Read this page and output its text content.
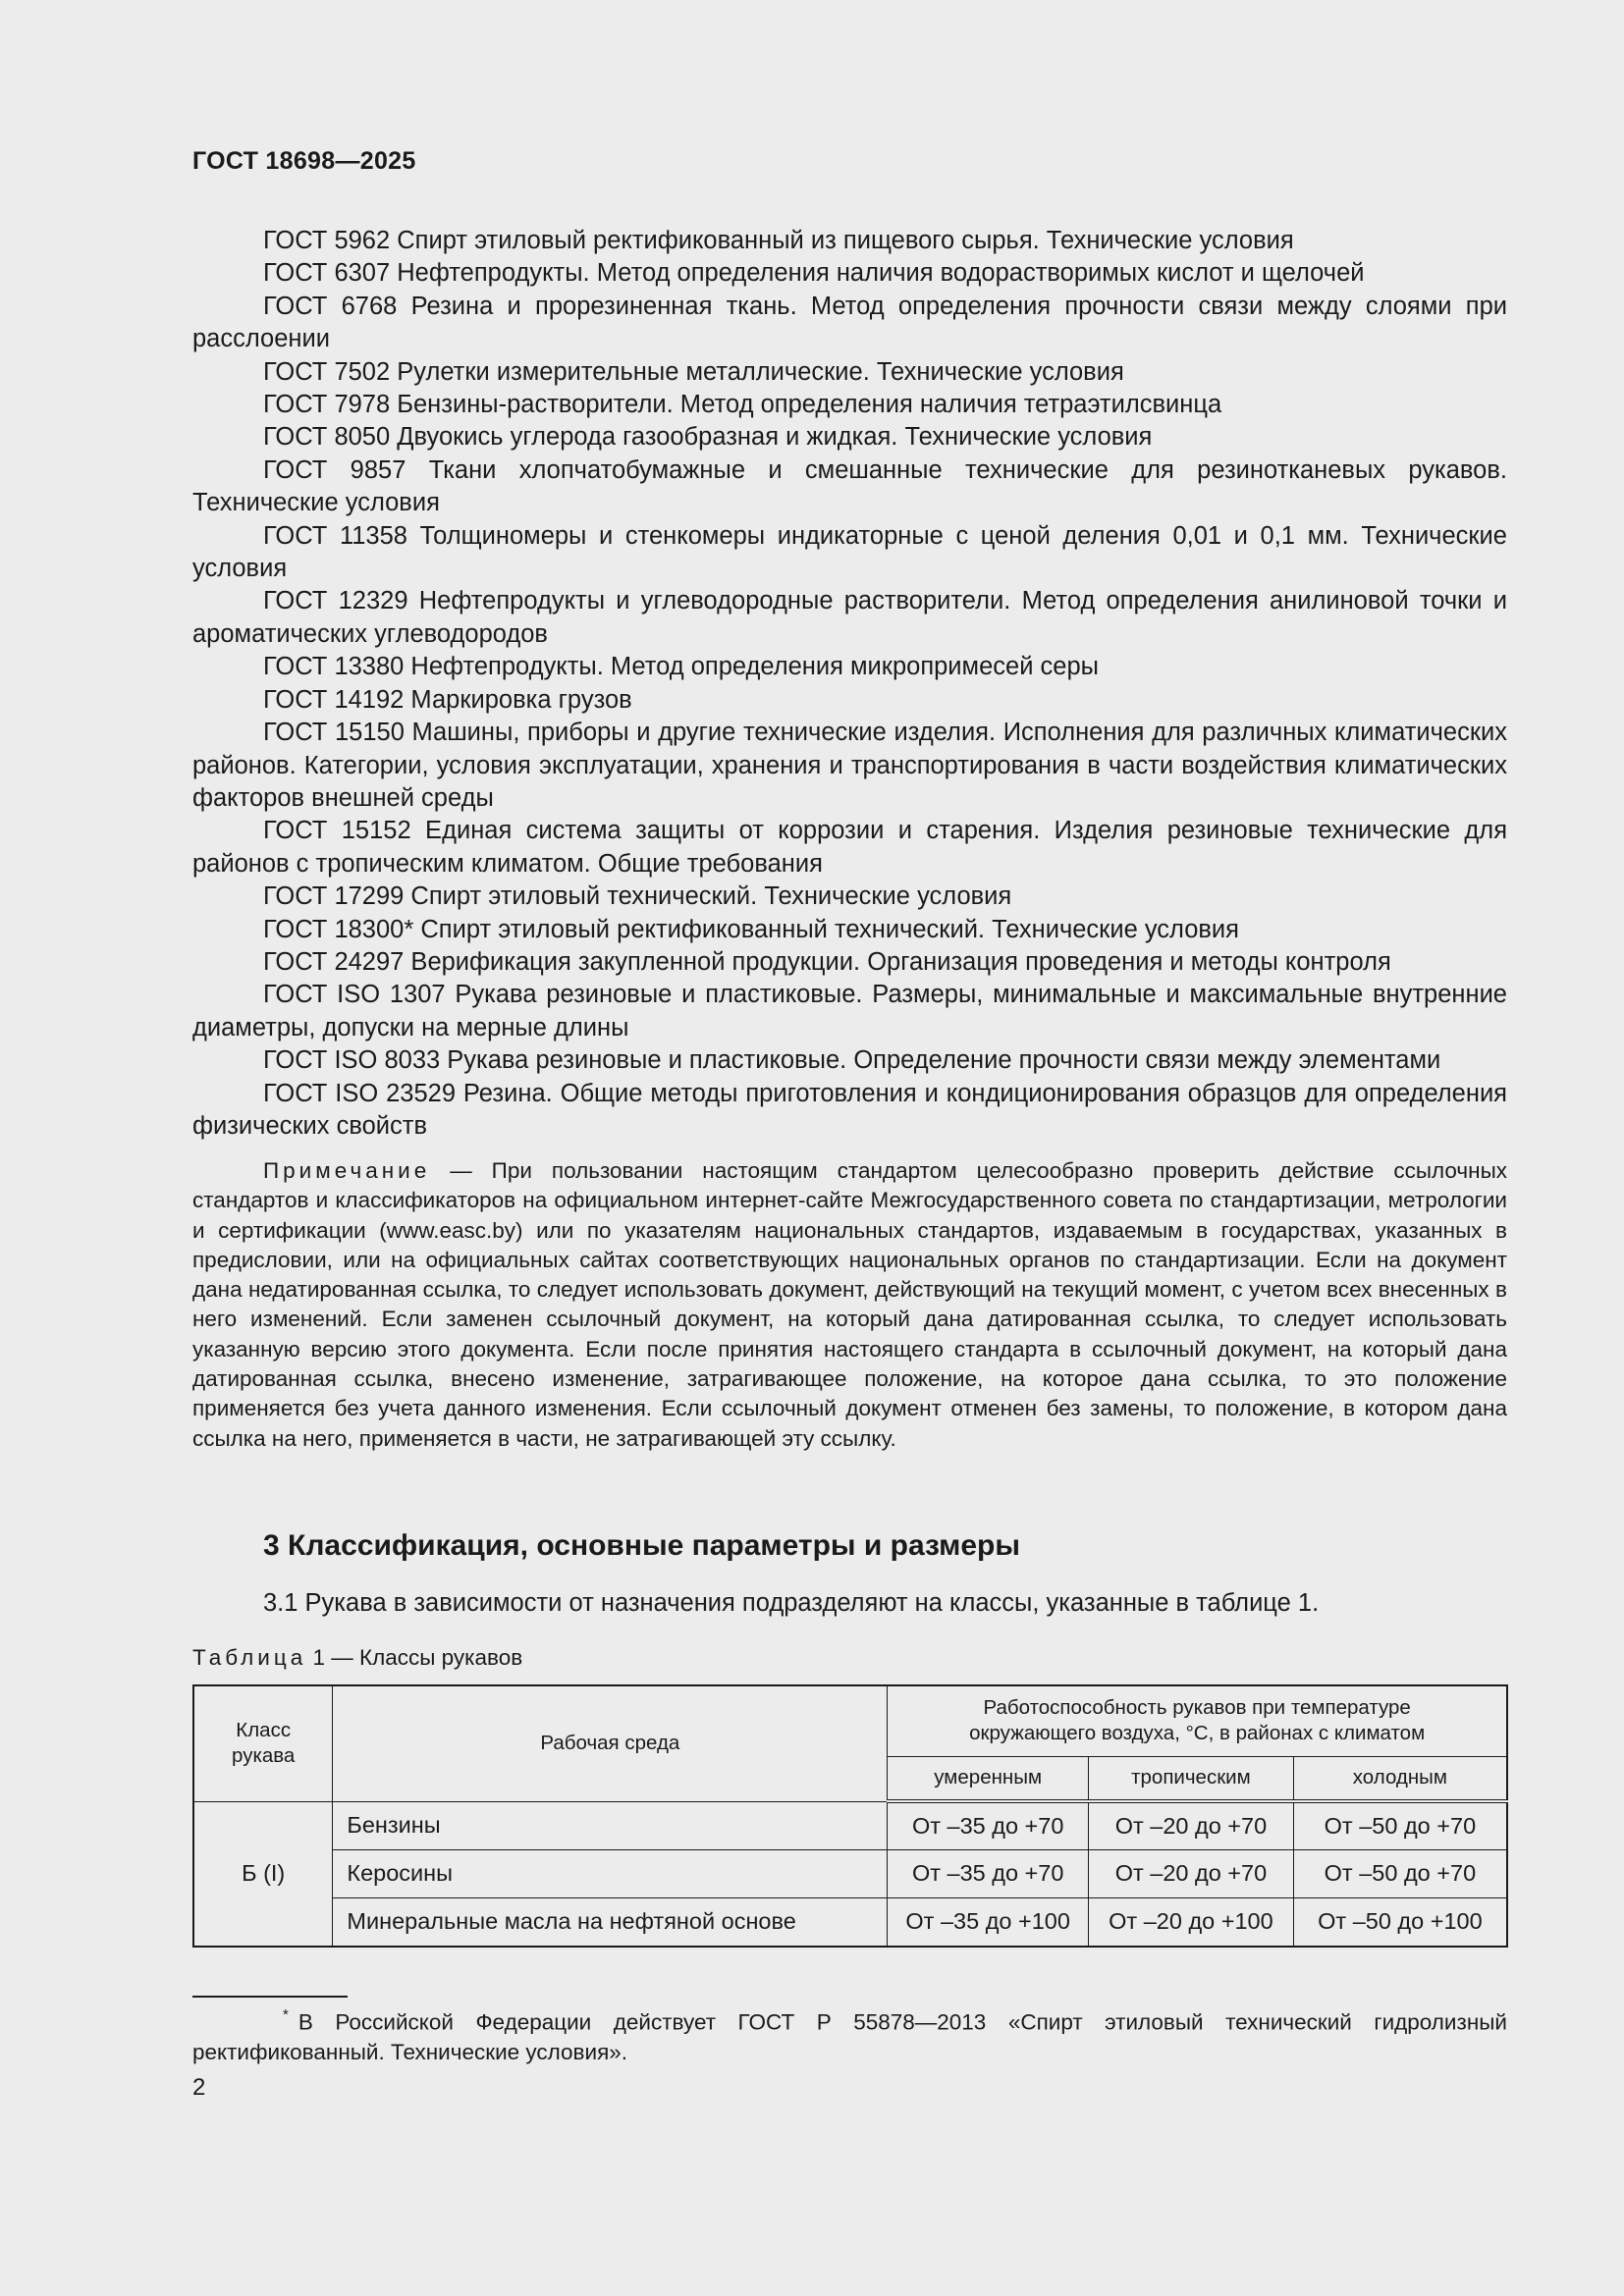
ГОСТ 18698—2025

ГОСТ 5962 Спирт этиловый ректификованный из пищевого сырья. Технические условия

ГОСТ 6307 Нефтепродукты. Метод определения наличия водорастворимых кислот и щелочей

ГОСТ 6768 Резина и прорезиненная ткань. Метод определения прочности связи между слоями при расслоении

ГОСТ 7502 Рулетки измерительные металлические. Технические условия

ГОСТ 7978 Бензины-растворители. Метод определения наличия тетраэтилсвинца

ГОСТ 8050 Двуокись углерода газообразная и жидкая. Технические условия

ГОСТ 9857 Ткани хлопчатобумажные и смешанные технические для резинотканевых рукавов. Технические условия

ГОСТ 11358 Толщиномеры и стенкомеры индикаторные с ценой деления 0,01 и 0,1 мм. Технические условия

ГОСТ 12329 Нефтепродукты и углеводородные растворители. Метод определения анилиновой точки и ароматических углеводородов

ГОСТ 13380 Нефтепродукты. Метод определения микропримесей серы

ГОСТ 14192 Маркировка грузов

ГОСТ 15150 Машины, приборы и другие технические изделия. Исполнения для различных климатических районов. Категории, условия эксплуатации, хранения и транспортирования в части воздействия климатических факторов внешней среды

ГОСТ 15152 Единая система защиты от коррозии и старения. Изделия резиновые технические для районов с тропическим климатом. Общие требования

ГОСТ 17299 Спирт этиловый технический. Технические условия

ГОСТ 18300* Спирт этиловый ректификованный технический. Технические условия

ГОСТ 24297 Верификация закупленной продукции. Организация проведения и методы контроля

ГОСТ ISO 1307 Рукава резиновые и пластиковые. Размеры, минимальные и максимальные внутренние диаметры, допуски на мерные длины

ГОСТ ISO 8033 Рукава резиновые и пластиковые. Определение прочности связи между элементами

ГОСТ ISO 23529 Резина. Общие методы приготовления и кондиционирования образцов для определения физических свойств

Примечание — При пользовании настоящим стандартом целесообразно проверить действие ссылочных стандартов и классификаторов на официальном интернет-сайте Межгосударственного совета по стандартизации, метрологии и сертификации (www.easc.by) или по указателям национальных стандартов, издаваемым в государствах, указанных в предисловии, или на официальных сайтах соответствующих национальных органов по стандартизации. Если на документ дана недатированная ссылка, то следует использовать документ, действующий на текущий момент, с учетом всех внесенных в него изменений. Если заменен ссылочный документ, на который дана датированная ссылка, то следует использовать указанную версию этого документа. Если после принятия настоящего стандарта в ссылочный документ, на который дана датированная ссылка, внесено изменение, затрагивающее положение, на которое дана ссылка, то это положение применяется без учета данного изменения. Если ссылочный документ отменен без замены, то положение, в котором дана ссылка на него, применяется в части, не затрагивающей эту ссылку.

3 Классификация, основные параметры и размеры
3.1 Рукава в зависимости от назначения подразделяют на классы, указанные в таблице 1.
Таблица 1 — Классы рукавов
Класс рукава	Рабочая среда	Работоспособность рукавов при температуре окружающего воздуха, °С, в районах с климатом		
		умеренным	тропическим	холодным
Б (I)	Бензины	От –35 до +70	От –20 до +70	От –50 до +70
	Керосины	От –35 до +70	От –20 до +70	От –50 до +70
	Минеральные масла на нефтяной основе	От –35 до +100	От –20 до +100	От –50 до +100

* В Российской Федерации действует ГОСТ Р 55878—2013 «Спирт этиловый технический гидролизный ректификованный. Технические условия».

2
